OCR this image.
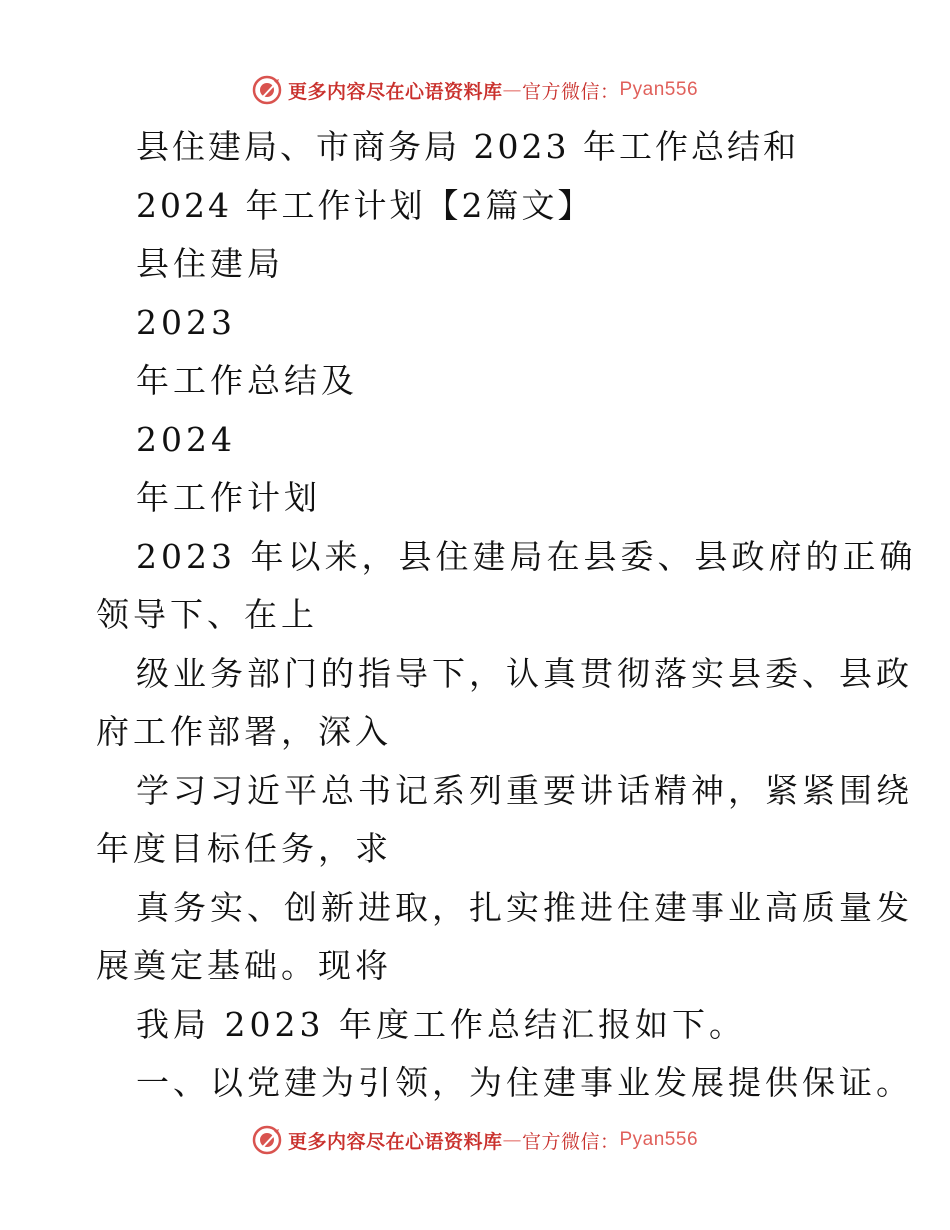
更多内容尽在心语资料库 — 官方微信： Pyan556
县住建局、市商务局 2023 年工作总结和
2024 年工作计划【2篇文】
县住建局
2023
年工作总结及
2024
年工作计划
2023 年以来，县住建局在县委、县政府的正确
领导下、在上
级业务部门的指导下，认真贯彻落实县委、县政
府工作部署，深入
学习习近平总书记系列重要讲话精神，紧紧围绕
年度目标任务，求
真务实、创新进取，扎实推进住建事业高质量发
展奠定基础。现将
我局 2023 年度工作总结汇报如下。
一、以党建为引领，为住建事业发展提供保证。
更多内容尽在心语资料库 — 官方微信： Pyan556
